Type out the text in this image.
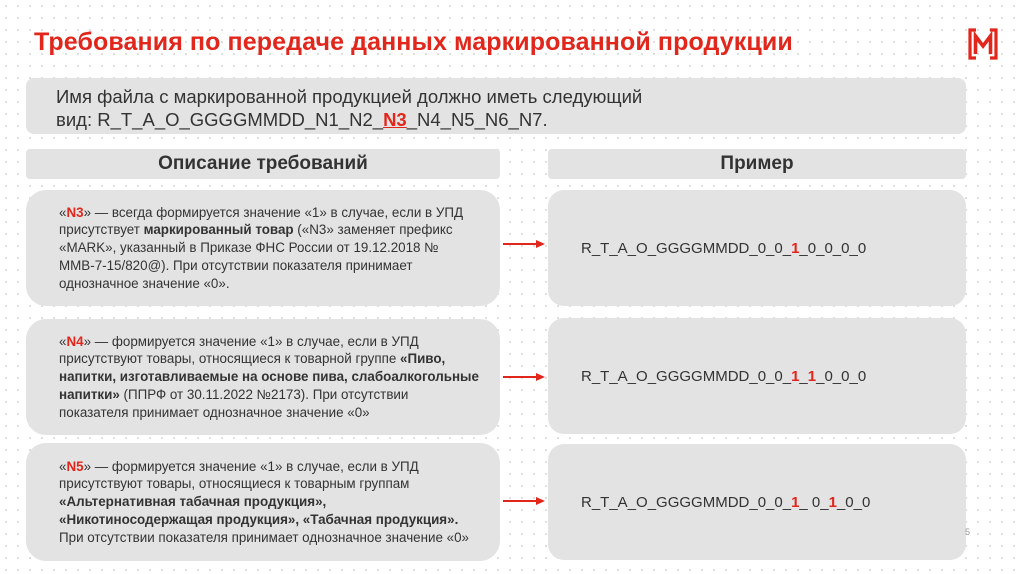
Требования по передаче данных маркированной продукции
Имя файла с маркированной продукцией должно иметь следующий
вид: R_T_A_O_GGGGMMDD_N1_N2_N3_N4_N5_N6_N7.
Описание требований	Пример

«N3» — всегда формируется значение «1» в случае, если в УПД присутствует маркированный товар («N3» заменяет префикс «MARK», указанный в Приказе ФНС России от 19.12.2018 № ММВ-7-15/820@). При отсутствии показателя принимает однозначное значение «0».

«N4» — формируется значение «1» в случае, если в УПД присутствуют товары, относящиеся к товарной группе «Пиво, напитки, изготавливаемые на основе пива, слабоалкогольные напитки» (ППРФ от 30.11.2022 №2173). При отсутствии показателя принимает однозначное значение «0»

«N5» — формируется значение «1» в случае, если в УПД присутствуют товары, относящиеся к товарным группам «Альтернативная табачная продукция», «Никотиносодержащая продукция», «Табачная продукция». При отсутствии показателя принимает однозначное значение «0»

R_T_A_O_GGGGMMDD_0_0_ 1 _0_0_0_0
R_T_A_O_GGGGMMDD_0_0_ 1 _ 1 _0_0_0
R_T_A_O_GGGGMMDD_0_0_ 1 _ 0_ 1 _0_0
5
